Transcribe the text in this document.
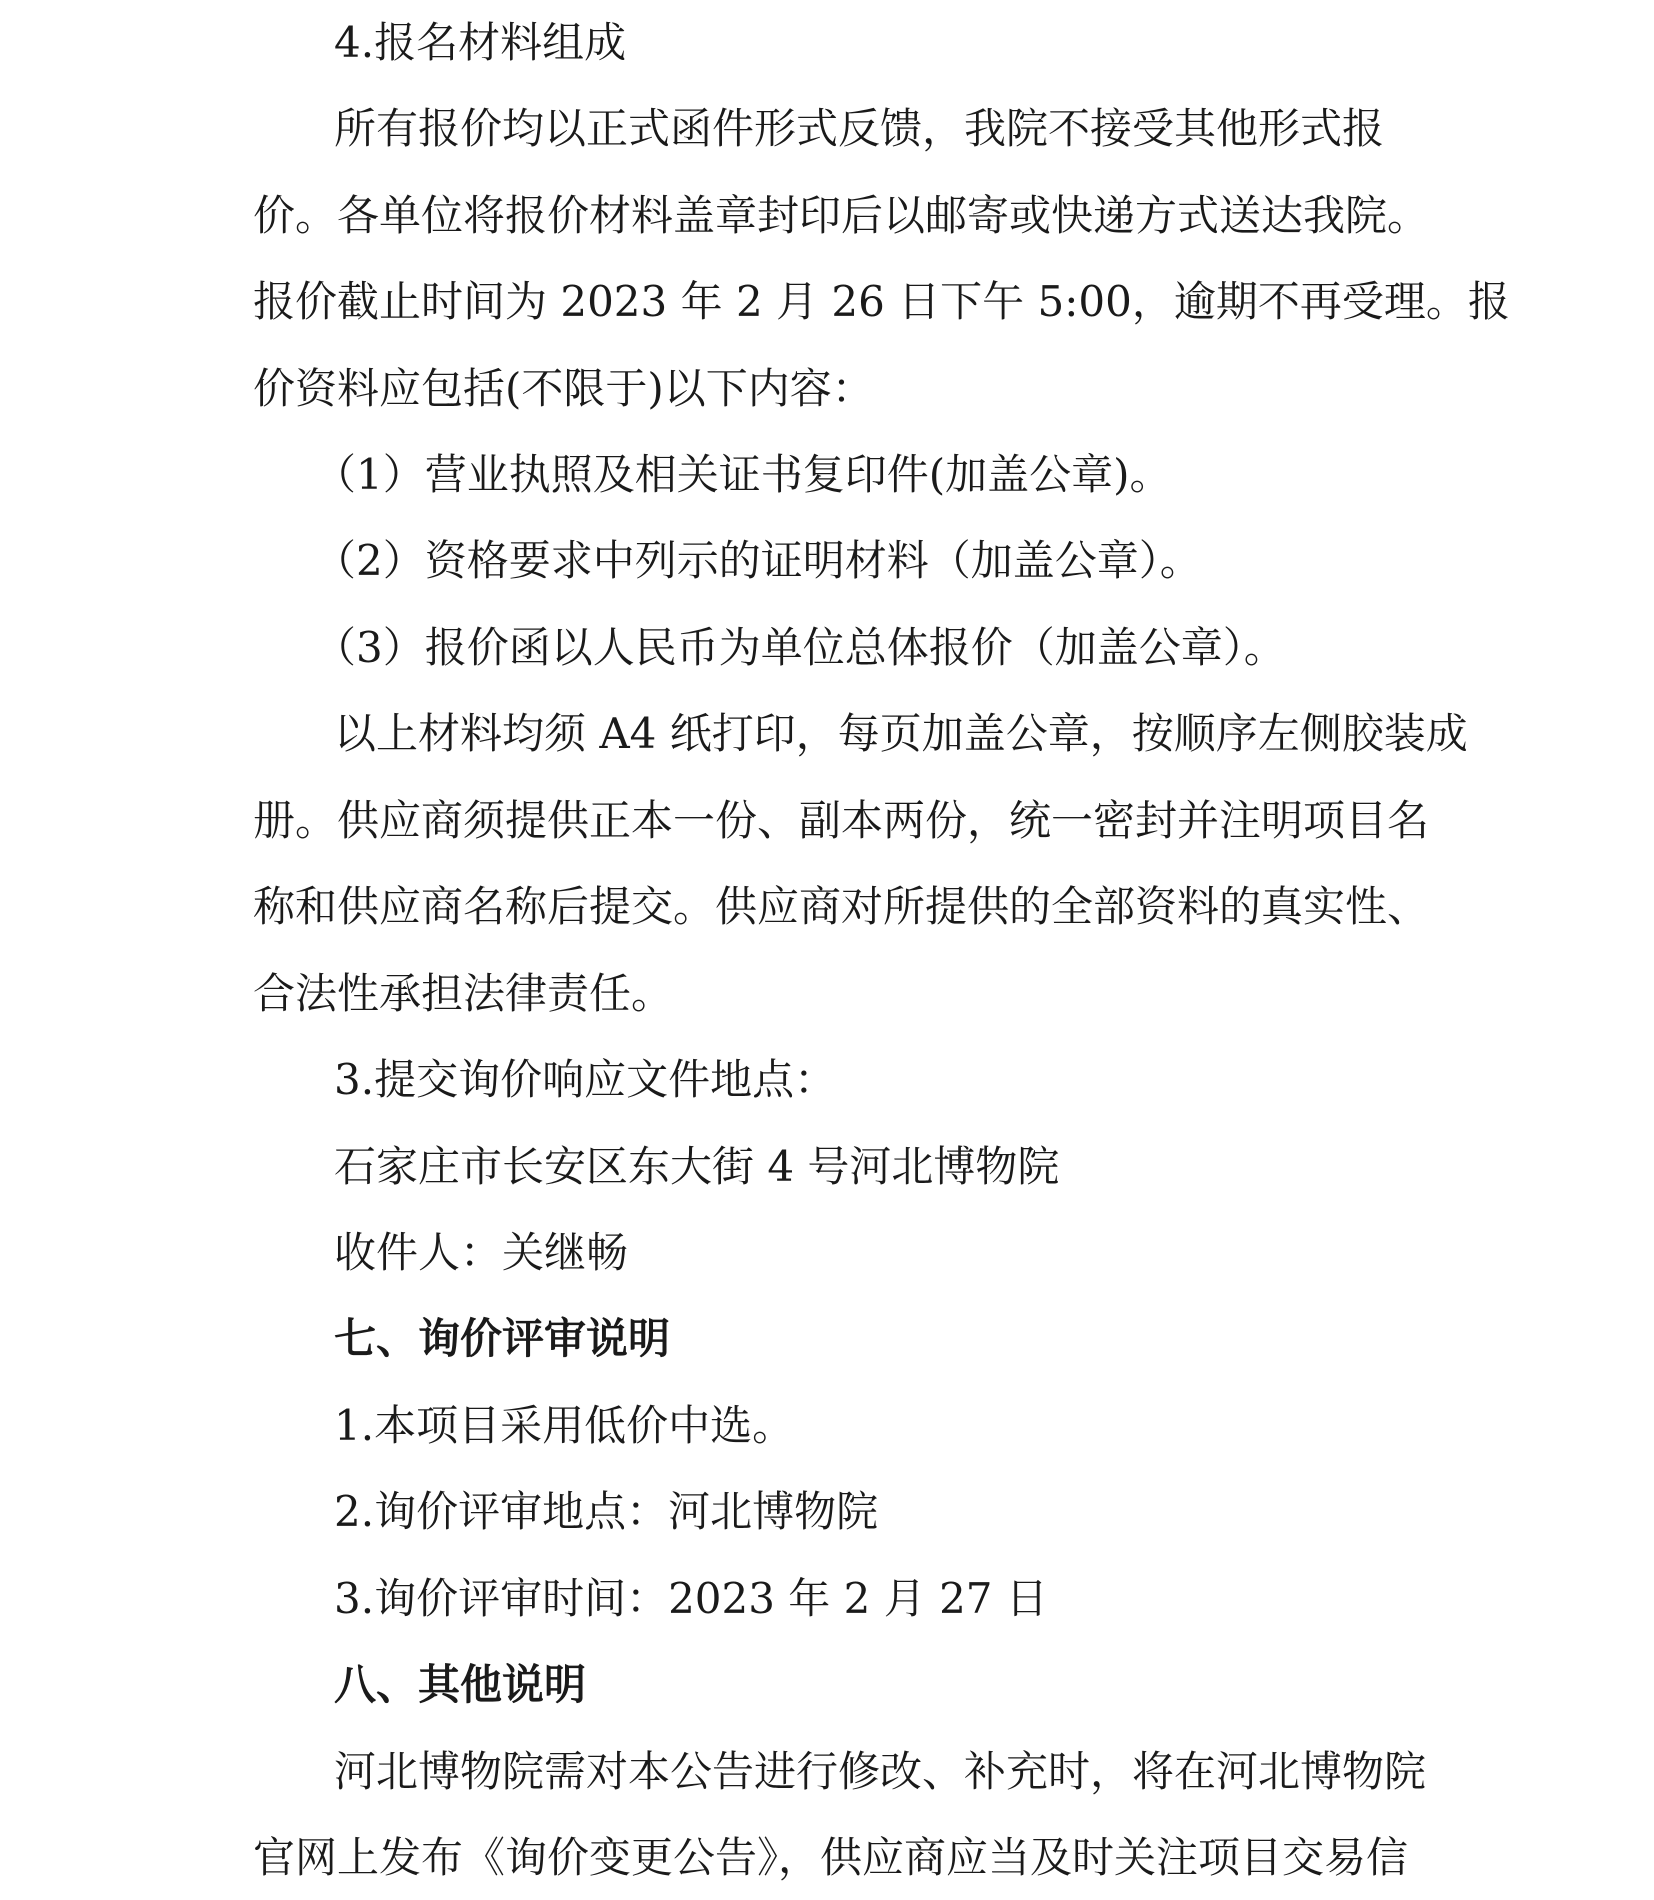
4.报名材料组成

所有报价均以正式函件形式反馈，我院不接受其他形式报

价。各单位将报价材料盖章封印后以邮寄或快递方式送达我院。

报价截止时间为 2023 年 2 月 26 日下午 5:00，逾期不再受理。报

价资料应包括(不限于)以下内容：

（1）营业执照及相关证书复印件(加盖公章)。

（2）资格要求中列示的证明材料（加盖公章）。

（3）报价函以人民币为单位总体报价（加盖公章）。

以上材料均须 A4 纸打印，每页加盖公章，按顺序左侧胶装成

册。供应商须提供正本一份、副本两份，统一密封并注明项目名

称和供应商名称后提交。供应商对所提供的全部资料的真实性、

合法性承担法律责任。

3.提交询价响应文件地点：

石家庄市长安区东大街 4 号河北博物院

收件人：关继畅

七、询价评审说明

1.本项目采用低价中选。

2.询价评审地点：河北博物院

3.询价评审时间：2023 年 2 月 27 日

八、其他说明

河北博物院需对本公告进行修改、补充时，将在河北博物院

官网上发布《询价变更公告》，供应商应当及时关注项目交易信
